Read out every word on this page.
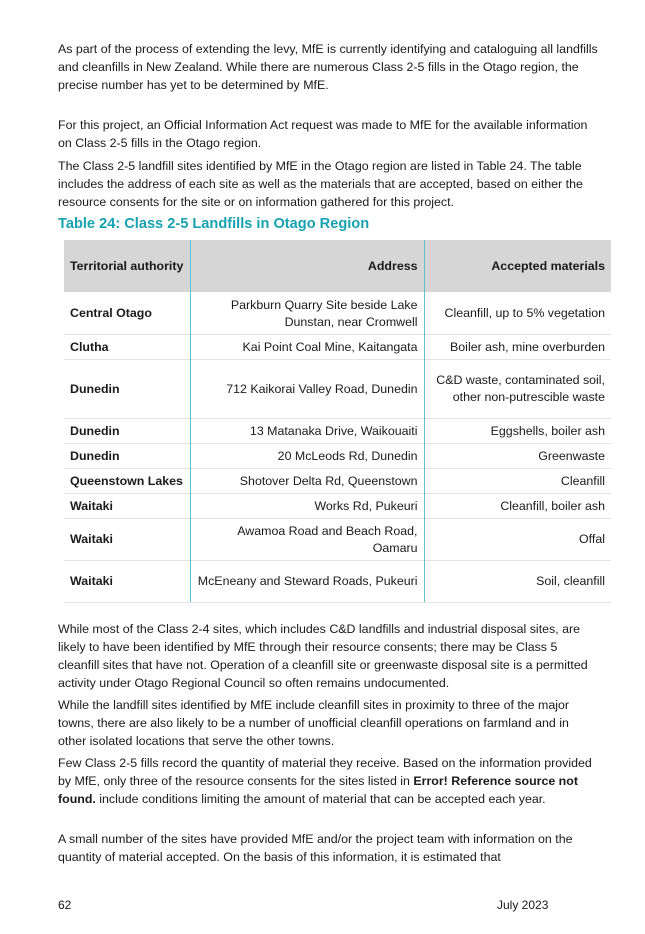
As part of the process of extending the levy, MfE is currently identifying and cataloguing all landfills and cleanfills in New Zealand. While there are numerous Class 2-5 fills in the Otago region, the precise number has yet to be determined by MfE.

For this project, an Official Information Act request was made to MfE for the available information on Class 2-5 fills in the Otago region.

The Class 2-5 landfill sites identified by MfE in the Otago region are listed in Table 24. The table includes the address of each site as well as the materials that are accepted, based on either the resource consents for the site or on information gathered for this project.

Table 24: Class 2-5 Landfills in Otago Region

Territorial authority	Address	Accepted materials
Central Otago	Parkburn Quarry Site beside Lake Dunstan, near Cromwell	Cleanfill, up to 5% vegetation
Clutha	Kai Point Coal Mine, Kaitangata	Boiler ash, mine overburden
Dunedin	712 Kaikorai Valley Road, Dunedin	C&D waste, contaminated soil, other non-putrescible waste
Dunedin	13 Matanaka Drive, Waikouaiti	Eggshells, boiler ash
Dunedin	20 McLeods Rd, Dunedin	Greenwaste
Queenstown Lakes	Shotover Delta Rd, Queenstown	Cleanfill
Waitaki	Works Rd, Pukeuri	Cleanfill, boiler ash
Waitaki	Awamoa Road and Beach Road, Oamaru	Offal
Waitaki	McEneany and Steward Roads, Pukeuri	Soil, cleanfill

While most of the Class 2-4 sites, which includes C&D landfills and industrial disposal sites, are likely to have been identified by MfE through their resource consents; there may be Class 5 cleanfill sites that have not. Operation of a cleanfill site or greenwaste disposal site is a permitted activity under Otago Regional Council so often remains undocumented.

While the landfill sites identified by MfE include cleanfill sites in proximity to three of the major towns, there are also likely to be a number of unofficial cleanfill operations on farmland and in other isolated locations that serve the other towns.

Few Class 2-5 fills record the quantity of material they receive. Based on the information provided by MfE, only three of the resource consents for the sites listed in Error! Reference source not found. include conditions limiting the amount of material that can be accepted each year.

A small number of the sites have provided MfE and/or the project team with information on the quantity of material accepted. On the basis of this information, it is estimated that

62	July 2023
